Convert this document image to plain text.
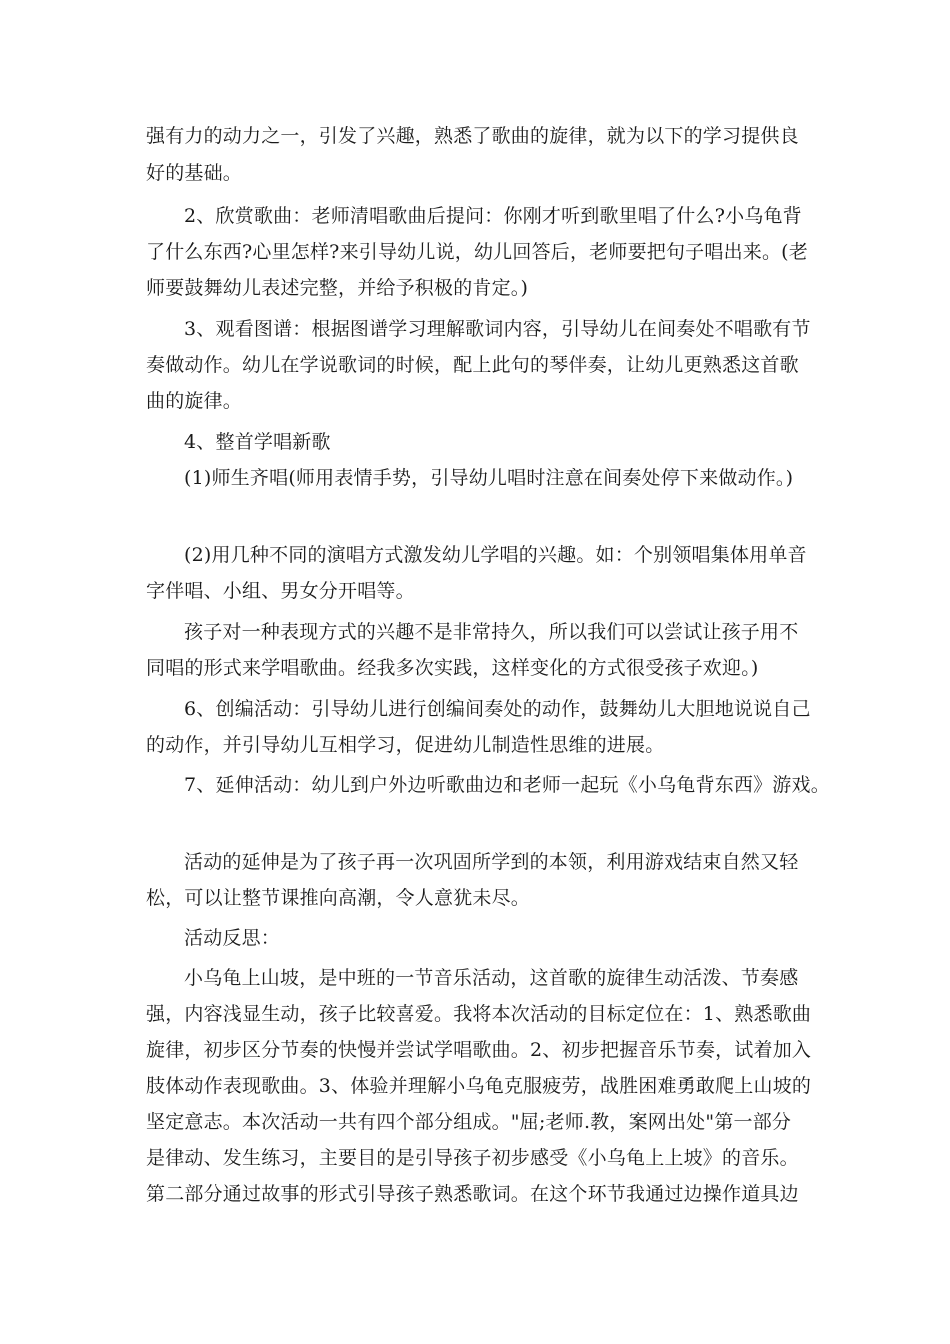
强有力的动力之一，引发了兴趣，熟悉了歌曲的旋律，就为以下的学习提供良
好的基础。
2、欣赏歌曲：老师清唱歌曲后提问：你刚才听到歌里唱了什么?小乌龟背
了什么东西?心里怎样?来引导幼儿说，幼儿回答后，老师要把句子唱出来。(老
师要鼓舞幼儿表述完整，并给予积极的肯定。)
3、观看图谱：根据图谱学习理解歌词内容，引导幼儿在间奏处不唱歌有节
奏做动作。幼儿在学说歌词的时候，配上此句的琴伴奏，让幼儿更熟悉这首歌
曲的旋律。
4、整首学唱新歌
(1)师生齐唱(师用表情手势，引导幼儿唱时注意在间奏处停下来做动作。)
(2)用几种不同的演唱方式激发幼儿学唱的兴趣。如：个别领唱集体用单音
字伴唱、小组、男女分开唱等。
孩子对一种表现方式的兴趣不是非常持久，所以我们可以尝试让孩子用不
同唱的形式来学唱歌曲。经我多次实践，这样变化的方式很受孩子欢迎。)
6、创编活动：引导幼儿进行创编间奏处的动作，鼓舞幼儿大胆地说说自己
的动作，并引导幼儿互相学习，促进幼儿制造性思维的进展。
7、延伸活动：幼儿到户外边听歌曲边和老师一起玩《小乌龟背东西》游戏。
活动的延伸是为了孩子再一次巩固所学到的本领，利用游戏结束自然又轻
松，可以让整节课推向高潮，令人意犹未尽。
活动反思：
小乌龟上山坡，是中班的一节音乐活动，这首歌的旋律生动活泼、节奏感
强，内容浅显生动，孩子比较喜爱。我将本次活动的目标定位在：1、熟悉歌曲
旋律，初步区分节奏的快慢并尝试学唱歌曲。2、初步把握音乐节奏，试着加入
肢体动作表现歌曲。3、体验并理解小乌龟克服疲劳，战胜困难勇敢爬上山坡的
坚定意志。本次活动一共有四个部分组成。"屈;老师.教，案网出处"第一部分
是律动、发生练习，主要目的是引导孩子初步感受《小乌龟上上坡》的音乐。
第二部分通过故事的形式引导孩子熟悉歌词。在这个环节我通过边操作道具边
